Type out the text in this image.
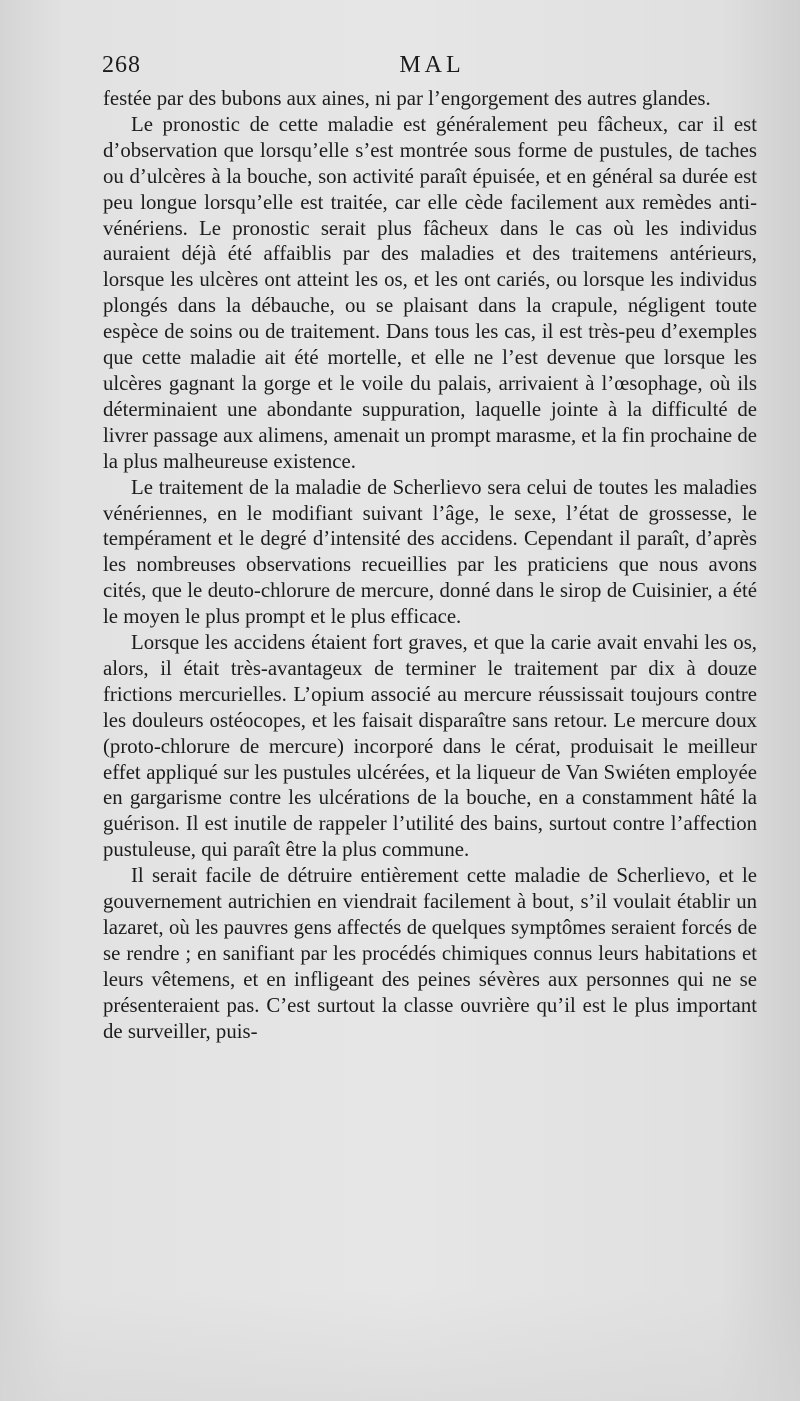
268	MAL

festée par des bubons aux aines, ni par l’engorgement des autres glandes.

Le pronostic de cette maladie est généralement peu fâcheux, car il est d’observation que lorsqu’elle s’est montrée sous forme de pustules, de taches ou d’ulcères à la bouche, son activité paraît épuisée, et en général sa durée est peu longue lorsqu’elle est traitée, car elle cède facilement aux remèdes anti-vénériens. Le pronostic serait plus fâcheux dans le cas où les individus auraient déjà été affaiblis par des maladies et des traitemens antérieurs, lorsque les ulcères ont atteint les os, et les ont cariés, ou lorsque les individus plongés dans la débauche, ou se plaisant dans la crapule, négligent toute espèce de soins ou de traitement. Dans tous les cas, il est très-peu d’exemples que cette maladie ait été mortelle, et elle ne l’est devenue que lorsque les ulcères gagnant la gorge et le voile du palais, arrivaient à l’œsophage, où ils déterminaient une abondante suppuration, laquelle jointe à la difficulté de livrer passage aux alimens, amenait un prompt marasme, et la fin prochaine de la plus malheureuse existence.

Le traitement de la maladie de Scherlievo sera celui de toutes les maladies vénériennes, en le modifiant suivant l’âge, le sexe, l’état de grossesse, le tempérament et le degré d’intensité des accidens. Cependant il paraît, d’après les nombreuses observations recueillies par les praticiens que nous avons cités, que le deuto-chlorure de mercure, donné dans le sirop de Cuisinier, a été le moyen le plus prompt et le plus efficace.

Lorsque les accidens étaient fort graves, et que la carie avait envahi les os, alors, il était très-avantageux de terminer le traitement par dix à douze frictions mercurielles. L’opium associé au mercure réussissait toujours contre les douleurs ostéocopes, et les faisait disparaître sans retour. Le mercure doux (proto-chlorure de mercure) incorporé dans le cérat, produisait le meilleur effet appliqué sur les pustules ulcérées, et la liqueur de Van Swiéten employée en gargarisme contre les ulcérations de la bouche, en a constamment hâté la guérison. Il est inutile de rappeler l’utilité des bains, surtout contre l’affection pustuleuse, qui paraît être la plus commune.

Il serait facile de détruire entièrement cette maladie de Scherlievo, et le gouvernement autrichien en viendrait facilement à bout, s’il voulait établir un lazaret, où les pauvres gens affectés de quelques symptômes seraient forcés de se rendre ; en sanifiant par les procédés chimiques connus leurs habitations et leurs vêtemens, et en infligeant des peines sévères aux personnes qui ne se présenteraient pas. C’est surtout la classe ouvrière qu’il est le plus important de surveiller, puis-
